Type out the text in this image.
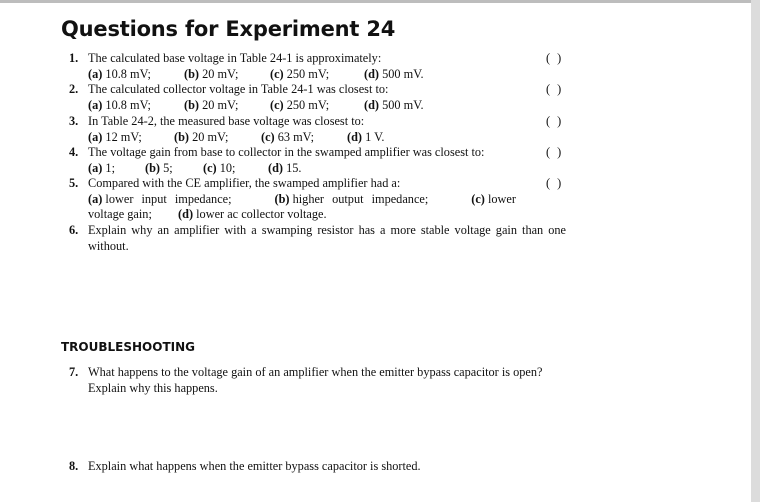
Questions for Experiment 24
1. The calculated base voltage in Table 24-1 is approximately:	( )
(a) 10.8 mV;	(b) 20 mV;	(c) 250 mV;	(d) 500 mV.
2. The calculated collector voltage in Table 24-1 was closest to:	( )
(a) 10.8 mV;	(b) 20 mV;	(c) 250 mV;	(d) 500 mV.
3. In Table 24-2, the measured base voltage was closest to:	( )
(a) 12 mV;	(b) 20 mV;	(c) 63 mV;	(d) 1 V.
4. The voltage gain from base to collector in the swamped amplifier was closest to:	( )
(a) 1; (b) 5; (c) 10;	(d) 15.
5. Compared with the CE amplifier, the swamped amplifier had a:	( )
(a) lower input impedance;	(b) higher output impedance;	(c) lower
voltage gain; (d) lower ac collector voltage.
6. Explain why an amplifier with a swamping resistor has a more stable voltage gain than one without.
TROUBLESHOOTING
7. What happens to the voltage gain of an amplifier when the emitter bypass capacitor is open? Explain why this happens.
8. Explain what happens when the emitter bypass capacitor is shorted.
